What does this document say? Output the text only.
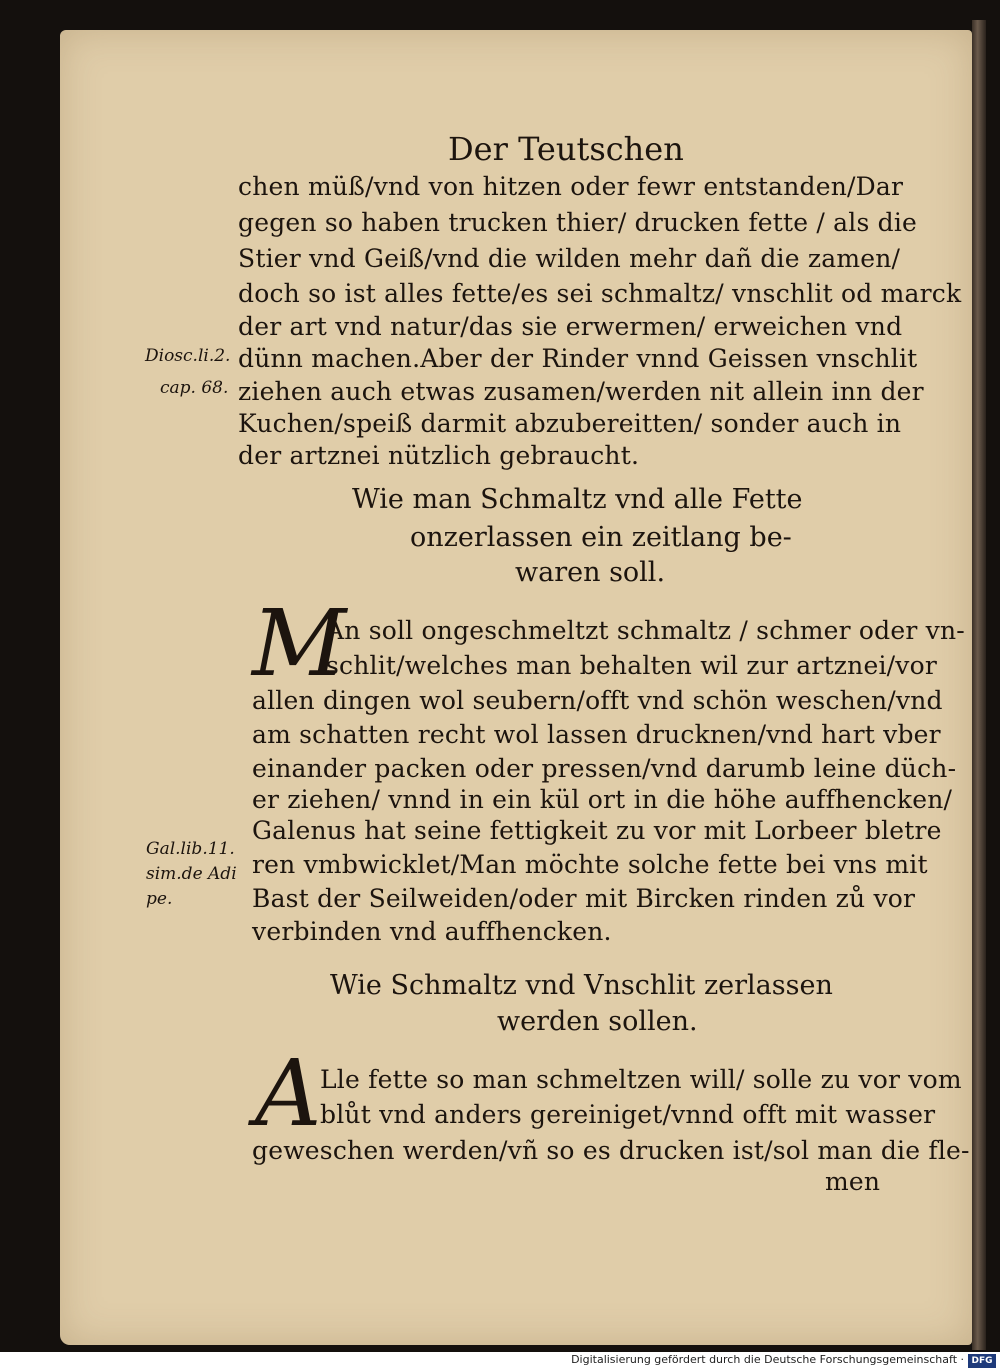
Der Teutschen
chen müß/vnd von hitzen oder fewr entstanden/Dar
gegen so haben trucken thier/ drucken fette / als die
Stier vnd Geiß/vnd die wilden mehr dañ die zamen/
doch so ist alles fette/es sei schmaltz/ vnschlit od marck
der art vnd natur/das sie erwermen/ erweichen vnd
dünn machen.Aber der Rinder vnnd Geissen vnschlit
ziehen auch etwas zusamen/werden nit allein inn der
Kuchen/speiß darmit abzubereitten/ sonder auch in
der artznei nützlich gebraucht.
Diosc.li.2.
cap. 68.
Wie man Schmaltz vnd alle Fette
onzerlassen ein zeitlang be-
waren soll.
M
An soll ongeschmeltzt schmaltz / schmer oder vn-
schlit/welches man behalten wil zur artznei/vor
allen dingen wol seubern/offt vnd schön weschen/vnd
am schatten recht wol lassen drucknen/vnd hart vber
einander packen oder pressen/vnd darumb leine düch-
er ziehen/ vnnd in ein kül ort in die höhe auffhencken/
Galenus hat seine fettigkeit zu vor mit Lorbeer bletre
ren vmbwicklet/Man möchte solche fette bei vns mit
Bast der Seilweiden/oder mit Bircken rinden zů vor
verbinden vnd auffhencken.
Gal.lib.11.
sim.de Adi
pe.
Wie Schmaltz vnd Vnschlit zerlassen
werden sollen.
A
Lle fette so man schmeltzen will/ solle zu vor vom
blůt vnd anders gereiniget/vnnd offt mit wasser
geweschen werden/vñ so es drucken ist/sol man die fle-
men
Digitalisierung gefördert durch die Deutsche Forschungsgemeinschaft · DFG
